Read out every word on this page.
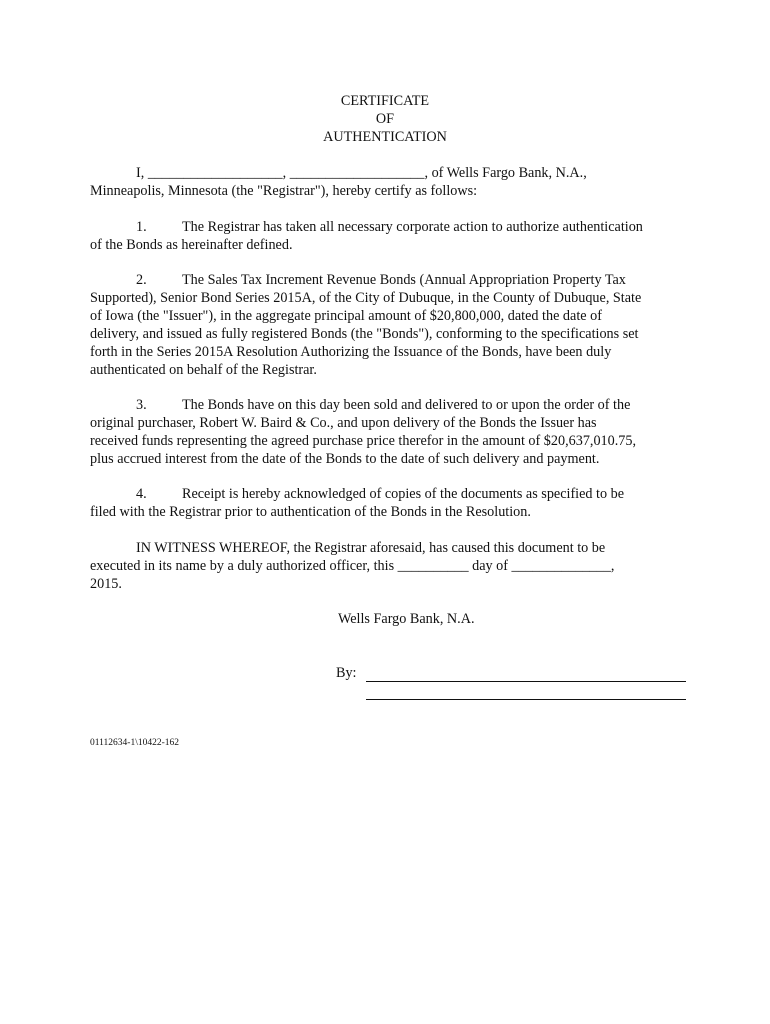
CERTIFICATE
OF
AUTHENTICATION
I, ___________________, ___________________, of Wells Fargo Bank, N.A.,
Minneapolis, Minnesota (the "Registrar"), hereby certify as follows:
1. The Registrar has taken all necessary corporate action to authorize authentication
of the Bonds as hereinafter defined.
2. The Sales Tax Increment Revenue Bonds (Annual Appropriation Property Tax
Supported), Senior Bond Series 2015A, of the City of Dubuque, in the County of Dubuque, State
of Iowa (the "Issuer"), in the aggregate principal amount of $20,800,000, dated the date of
delivery, and issued as fully registered Bonds (the "Bonds"), conforming to the specifications set
forth in the Series 2015A Resolution Authorizing the Issuance of the Bonds, have been duly
authenticated on behalf of the Registrar.
3. The Bonds have on this day been sold and delivered to or upon the order of the
original purchaser, Robert W. Baird & Co., and upon delivery of the Bonds the Issuer has
received funds representing the agreed purchase price therefor in the amount of $20,637,010.75,
plus accrued interest from the date of the Bonds to the date of such delivery and payment.
4. Receipt is hereby acknowledged of copies of the documents as specified to be
filed with the Registrar prior to authentication of the Bonds in the Resolution.
IN WITNESS WHEREOF, the Registrar aforesaid, has caused this document to be
executed in its name by a duly authorized officer, this __________ day of ______________,
2015.
Wells Fargo Bank, N.A.
By:
01112634-1\10422-162
